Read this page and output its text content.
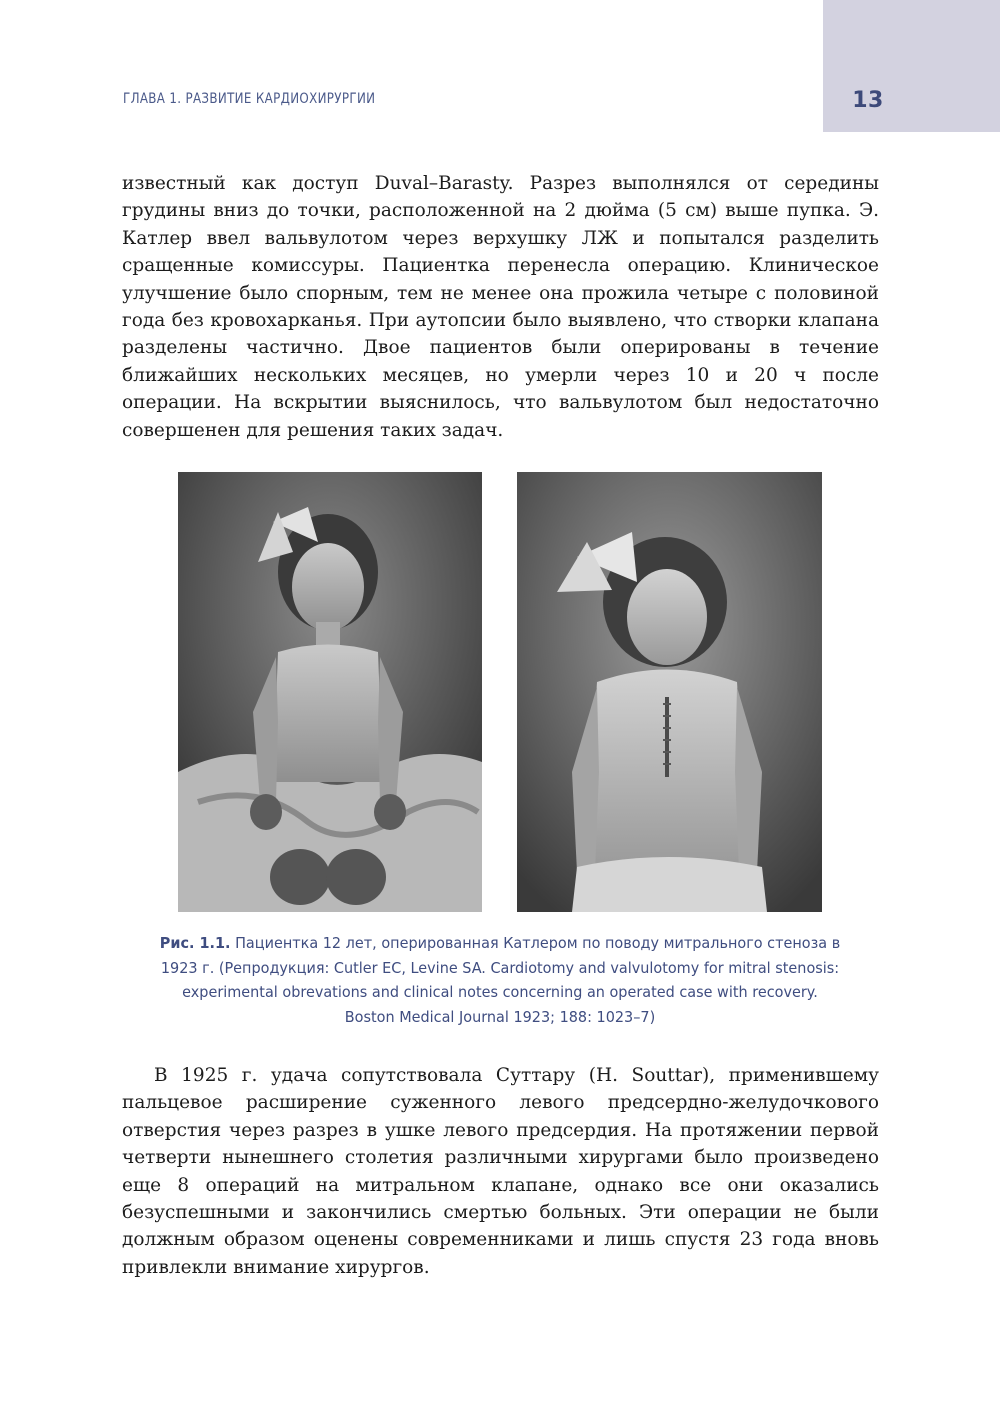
13
ГЛАВА 1. РАЗВИТИЕ КАРДИОХИРУРГИИ
известный как доступ Duval–Barasty. Разрез выполнялся от середины грудины вниз до точки, расположенной на 2 дюйма (5 см) выше пупка. Э. Катлер ввел вальвулотом через верхушку ЛЖ и попытался разделить сращенные комиссуры. Пациентка перенесла операцию. Клиническое улучшение было спорным, тем не менее она прожила четыре с половиной года без кровохарканья. При аутопсии было выявлено, что створки клапана разделены частично. Двое пациентов были оперированы в течение ближайших нескольких месяцев, но умерли через 10 и 20 ч после операции. На вскрытии выяснилось, что вальвулотом был недостаточно совершенен для решения таких задач.
Рис. 1.1. Пациентка 12 лет, оперированная Катлером по поводу митрального стеноза в 1923 г. (Репродукция: Cutler EC, Levine SA. Cardiotomy and valvulotomy for mitral stenosis: experimental obrevations and clinical notes concerning an operated case with recovery. Boston Medical Journal 1923; 188: 1023–7)
В 1925 г. удача сопутствовала Суттару (H. Souttar), применившему пальцевое расширение суженного левого предсердно-желудочкового отверстия через разрез в ушке левого предсердия. На протяжении первой четверти нынешнего столетия различными хирургами было произведено еще 8 операций на митральном клапане, однако все они оказались безуспешными и закончились смертью больных. Эти операции не были должным образом оценены современниками и лишь спустя 23 года вновь привлекли внимание хирургов.
